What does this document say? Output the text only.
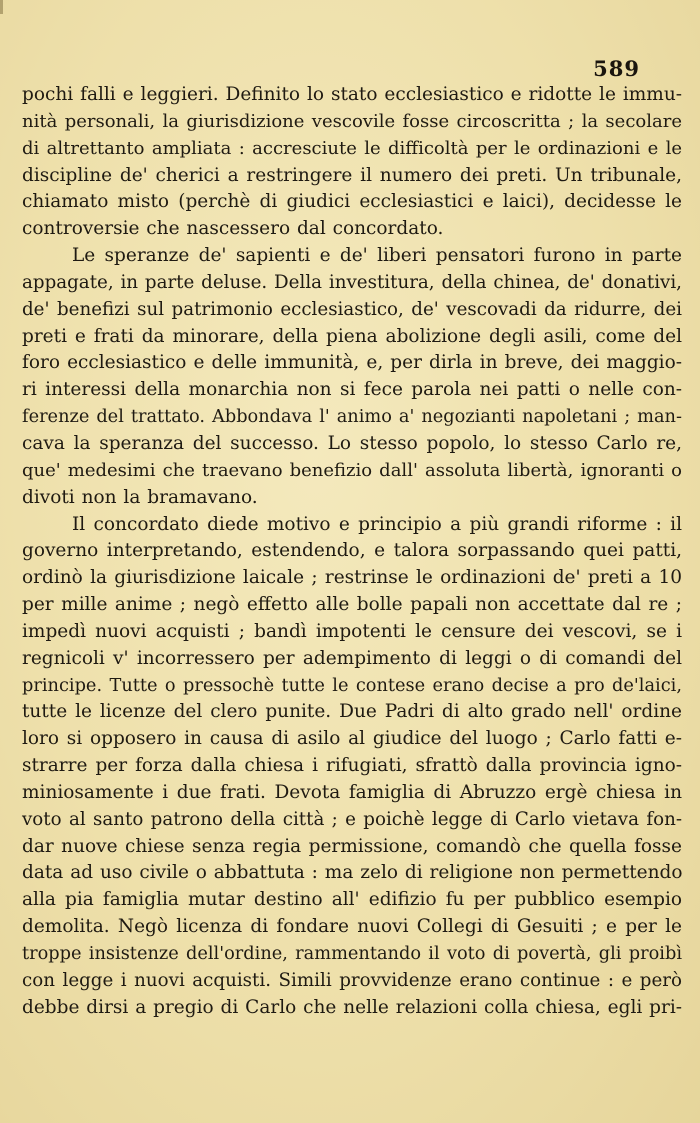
589
pochi falli e leggieri. Definito lo stato ecclesiastico e ridotte le immu-
nità personali, la giurisdizione vescovile fosse circoscritta ; la secolare
di altrettanto ampliata : accresciute le difficoltà per le ordinazioni e le
discipline de' cherici a restringere il numero dei preti. Un tribunale,
chiamato misto (perchè di giudici ecclesiastici e laici), decidesse le
controversie che nascessero dal concordato.
Le speranze de' sapienti e de' liberi pensatori furono in parte
appagate, in parte deluse. Della investitura, della chinea, de' donativi,
de' benefizi sul patrimonio ecclesiastico, de' vescovadi da ridurre, dei
preti e frati da minorare, della piena abolizione degli asili, come del
foro ecclesiastico e delle immunità, e, per dirla in breve, dei maggio-
ri interessi della monarchia non si fece parola nei patti o nelle con-
ferenze del trattato. Abbondava l' animo a' negozianti napoletani ; man-
cava la speranza del successo. Lo stesso popolo, lo stesso Carlo re,
que' medesimi che traevano benefizio dall' assoluta libertà, ignoranti o
divoti non la bramavano.
Il concordato diede motivo e principio a più grandi riforme : il
governo interpretando, estendendo, e talora sorpassando quei patti,
ordinò la giurisdizione laicale ; restrinse le ordinazioni de' preti a 10
per mille anime ; negò effetto alle bolle papali non accettate dal re ;
impedì nuovi acquisti ; bandì impotenti le censure dei vescovi, se i
regnicoli v' incorressero per adempimento di leggi o di comandi del
principe. Tutte o pressochè tutte le contese erano decise a pro de'laici,
tutte le licenze del clero punite. Due Padri di alto grado nell' ordine
loro si opposero in causa di asilo al giudice del luogo ; Carlo fatti e-
strarre per forza dalla chiesa i rifugiati, sfrattò dalla provincia igno-
miniosamente i due frati. Devota famiglia di Abruzzo ergè chiesa in
voto al santo patrono della città ; e poichè legge di Carlo vietava fon-
dar nuove chiese senza regia permissione, comandò che quella fosse
data ad uso civile o abbattuta : ma zelo di religione non permettendo
alla pia famiglia mutar destino all' edifizio fu per pubblico esempio
demolita. Negò licenza di fondare nuovi Collegi di Gesuiti ; e per le
troppe insistenze dell'ordine, rammentando il voto di povertà, gli proibì
con legge i nuovi acquisti. Simili provvidenze erano continue : e però
debbe dirsi a pregio di Carlo che nelle relazioni colla chiesa, egli pri-
